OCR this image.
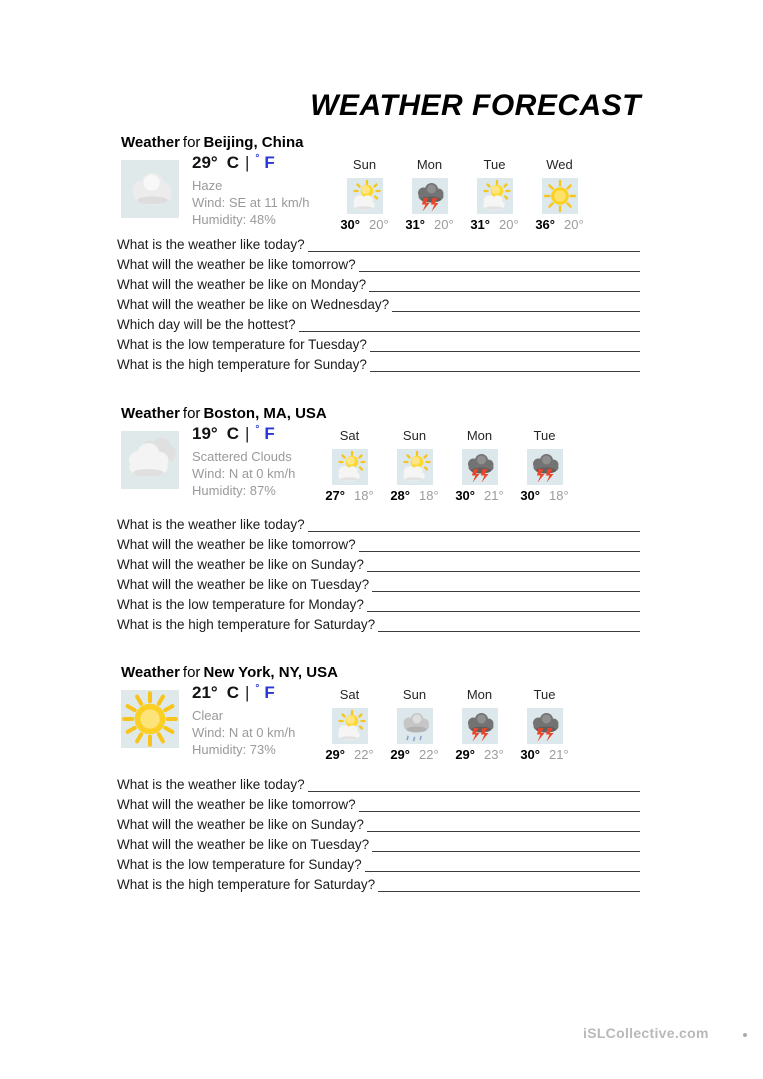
WEATHER FORECAST
Weather for Beijing, China
29° C | ° F
Haze
Wind: SE at 11 km/h
Humidity: 48%
Sun
30° 20°
Mon
31° 20°
Tue
31° 20°
Wed
36° 20°
What is the weather like today?
What will the weather be like tomorrow?
What will the weather be like on Monday?
What will the weather be like on Wednesday?
Which day will be the hottest?
What is the low temperature for Tuesday?
What is the high temperature for Sunday?
Weather for Boston, MA, USA
19° C | ° F
Scattered Clouds
Wind: N at 0 km/h
Humidity: 87%
Sat
27° 18°
Sun
28° 18°
Mon
30° 21°
Tue
30° 18°
What is the weather like today?
What will the weather be like tomorrow?
What will the weather be like on Sunday?
What will the weather be like on Tuesday?
What is the low temperature for Monday?
What is the high temperature for Saturday?
Weather for New York, NY, USA
21° C | ° F
Clear
Wind: N at 0 km/h
Humidity: 73%
Sat
29° 22°
Sun
29° 22°
Mon
29° 23°
Tue
30° 21°
What is the weather like today?
What will the weather be like tomorrow?
What will the weather be like on Sunday?
What will the weather be like on Tuesday?
What is the low temperature for Sunday?
What is the high temperature for Saturday?
iSLCollective.com
